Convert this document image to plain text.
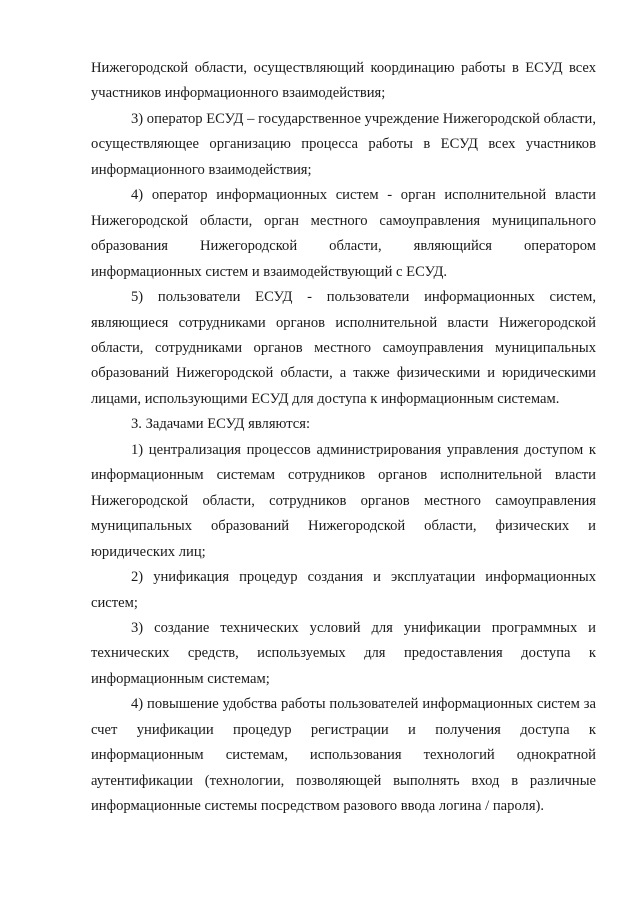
Нижегородской области, осуществляющий координацию работы в ЕСУД всех участников информационного взаимодействия;

3) оператор ЕСУД – государственное учреждение Нижегородской области, осуществляющее организацию процесса работы в ЕСУД всех участников информационного взаимодействия;

4) оператор информационных систем - орган исполнительной власти Нижегородской области, орган местного самоуправления муниципального образования Нижегородской области, являющийся оператором информационных систем и взаимодействующий с ЕСУД.

5) пользователи ЕСУД - пользователи информационных систем, являющиеся сотрудниками органов исполнительной власти Нижегородской области, сотрудниками органов местного самоуправления муниципальных образований Нижегородской области, а также физическими и юридическими лицами, использующими ЕСУД для доступа к информационным системам.

3. Задачами ЕСУД являются:

1) централизация процессов администрирования управления доступом к информационным системам сотрудников органов исполнительной власти Нижегородской области, сотрудников органов местного самоуправления муниципальных образований Нижегородской области, физических и юридических лиц;

2) унификация процедур создания и эксплуатации информационных систем;

3) создание технических условий для унификации программных и технических средств, используемых для предоставления доступа к информационным системам;

4) повышение удобства работы пользователей информационных систем за счет унификации процедур регистрации и получения доступа к информационным системам, использования технологий однократной аутентификации (технологии, позволяющей выполнять вход в различные информационные системы посредством разового ввода логина / пароля).
